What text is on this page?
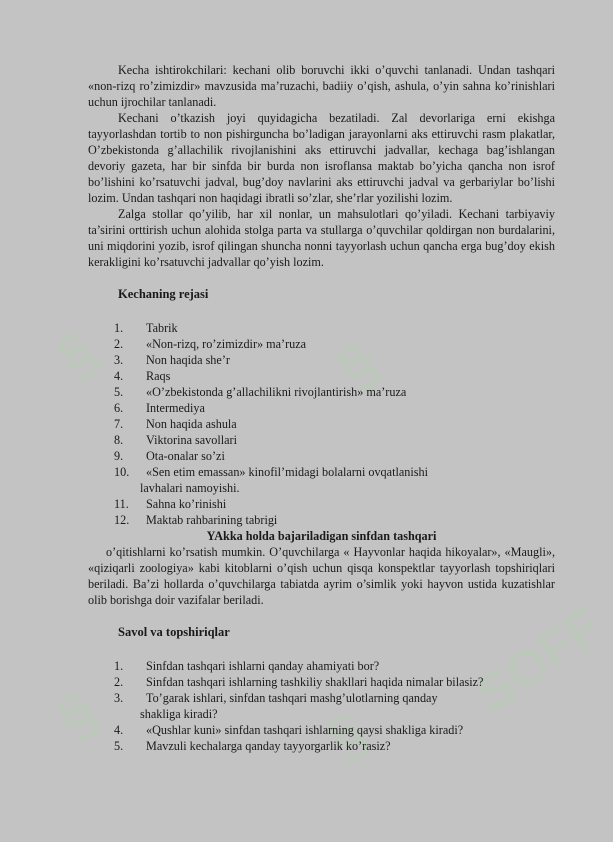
§	§
§	§
SOFF

Kecha ishtirokchilari: kechani olib boruvchi ikki o’quvchi tanlanadi. Undan tashqari «non-rizq ro’zimizdir» mavzusida ma’ruzachi, badiiy o’qish, ashula, o’yin sahna ko’rinishlari uchun ijrochilar tanlanadi.

Kechani o’tkazish joyi quyidagicha bezatiladi. Zal devorlariga erni ekishga tayyorlashdan tortib to non pishirguncha bo’ladigan jarayonlarni aks ettiruvchi rasm plakatlar, O’zbekistonda g’allachilik rivojlanishini aks ettiruvchi jadvallar, kechaga bag’ishlangan devoriy gazeta, har bir sinfda bir burda non isroflansa maktab bo’yicha qancha non isrof bo’lishini ko’rsatuvchi jadval, bug’doy navlarini aks ettiruvchi jadval va gerbariylar bo’lishi lozim. Undan tashqari non haqidagi ibratli so’zlar, she’rlar yozilishi lozim.

Zalga stollar qo’yilib, har xil nonlar, un mahsulotlari qo’yiladi. Kechani tarbiyaviy ta’sirini orttirish uchun alohida stolga parta va stullarga o’quvchilar qoldirgan non burdalarini, uni miqdorini yozib, isrof qilingan shuncha nonni tayyorlash uchun qancha erga bug’doy ekish kerakligini ko’rsatuvchi jadvallar qo’yish lozim.

Kechaning rejasi
1.	Tabrik
2.	«Non-rizq, ro’zimizdir» ma’ruza
3.	Non haqida she’r
4.	Raqs
5.	«O’zbekistonda g’allachilikni rivojlantirish» ma’ruza
6.	Intermediya
7.	Non haqida ashula
8.	Viktorina savollari
9.	Ota-onalar so’zi
10.	«Sen etim emassan» kinofil’midagi bolalarni ovqatlanishi
lavhalari namoyishi.
11.	Sahna ko’rinishi
12.	Maktab rahbarining tabrigi
YAkka holda bajariladigan sinfdan tashqari

o’qitishlarni ko’rsatish mumkin. O’quvchilarga « Hayvonlar haqida hikoyalar», «Maugli», «qiziqarli zoologiya» kabi kitoblarni o’qish uchun qisqa konspektlar tayyorlash topshiriqlari beriladi. Ba’zi hollarda o’quvchilarga tabiatda ayrim o’simlik yoki hayvon ustida kuzatishlar olib borishga doir vazifalar beriladi.

Savol va topshiriqlar
1.	Sinfdan tashqari ishlarni qanday ahamiyati bor?
2.	Sinfdan tashqari ishlarning tashkiliy shakllari haqida nimalar bilasiz?
3.	To’garak ishlari, sinfdan tashqari mashg’ulotlarning qanday
shakliga kiradi?
4.	«Qushlar kuni» sinfdan tashqari ishlarning qaysi shakliga kiradi?
5.	Mavzuli kechalarga qanday tayyorgarlik ko’rasiz?
